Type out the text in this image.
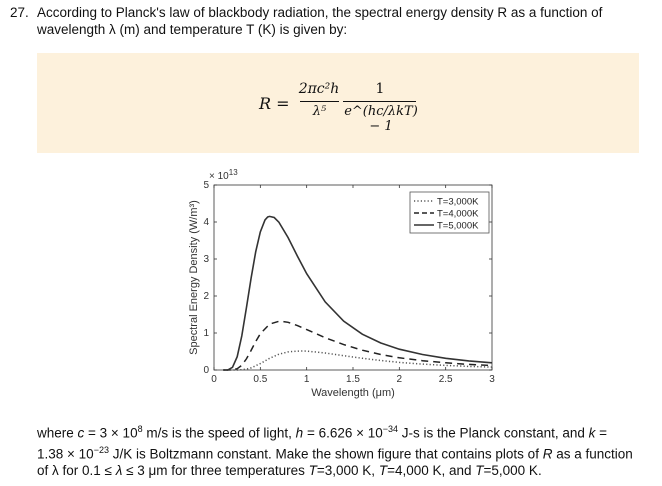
27. According to Planck's law of blackbody radiation, the spectral energy density R as a function of
wavelength λ (m) and temperature T (K) is given by:
R =
2πc²h
λ⁵
1
e^(hc/λkT) − 1
0	0.5	1	1.5	2	2.5	3
0
1
2
3
4
5
T=3,000K
T=4,000K
T=5,000K
× $10^{13}$
Wavelength (μm)
Spectral Energy Density (W/m³)
where $c = 3 \times 10^8$ m/s is the speed of light, $h = 6.626 \times 10^{-34}$ J-s is the Planck constant, and k =
$1.38 \times 10^{-23}$ J/K is Boltzmann constant. Make the shown figure that contains plots of R as a function
of λ for 0.1 ≤ λ ≤ 3 μm for three temperatures T=3,000 K, T=4,000 K, and T=5,000 K.
